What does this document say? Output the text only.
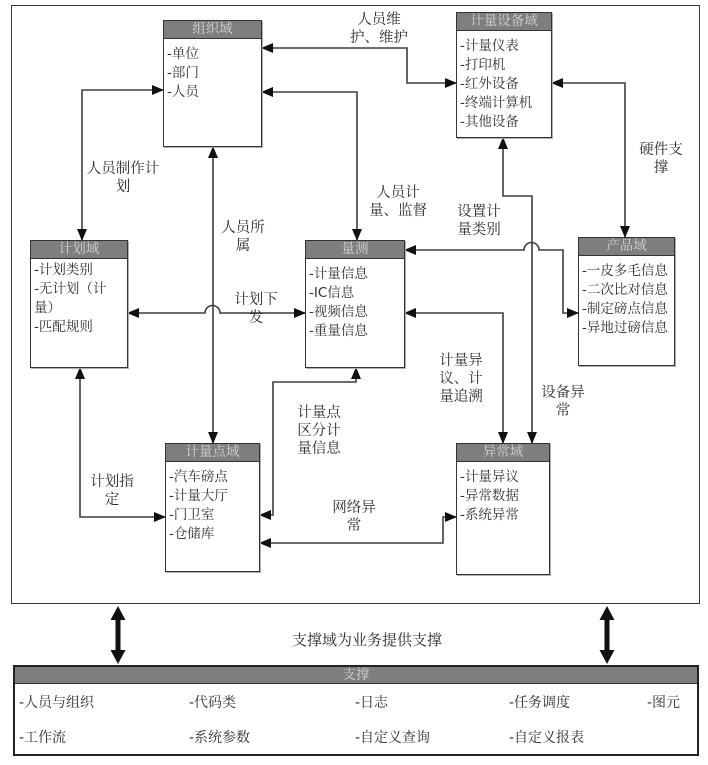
组织域
-单位
-部门
-人员
计量设备域
-计量仪表
-打印机
-红外设备
-终端计算机
-其他设备
计划域
-计划类别
-无计划（计量）
-匹配规则
量测
-计量信息
-IC信息
-视频信息
-重量信息
产品域
-一皮多毛信息
-二次比对信息
-制定磅点信息
-异地过磅信息
计量点域
-汽车磅点
-计量大厅
-门卫室
-仓储库
异常域
-计量异议
-异常数据
-系统异常
人员维
护、维护
硬件支
撑
人员制作计
划
人员所
属
人员计
量、监督	设置计
量类别
计划下
发
计量异
议、计
量追溯	设备异
常
计量点
区分计
量信息
计划指
定	网络异
常
支撑域为业务提供支撑
支撑
-人员与组织
-工作流
-代码类
-系统参数
-日志
-自定义查询
-任务调度
-自定义报表
-图元
